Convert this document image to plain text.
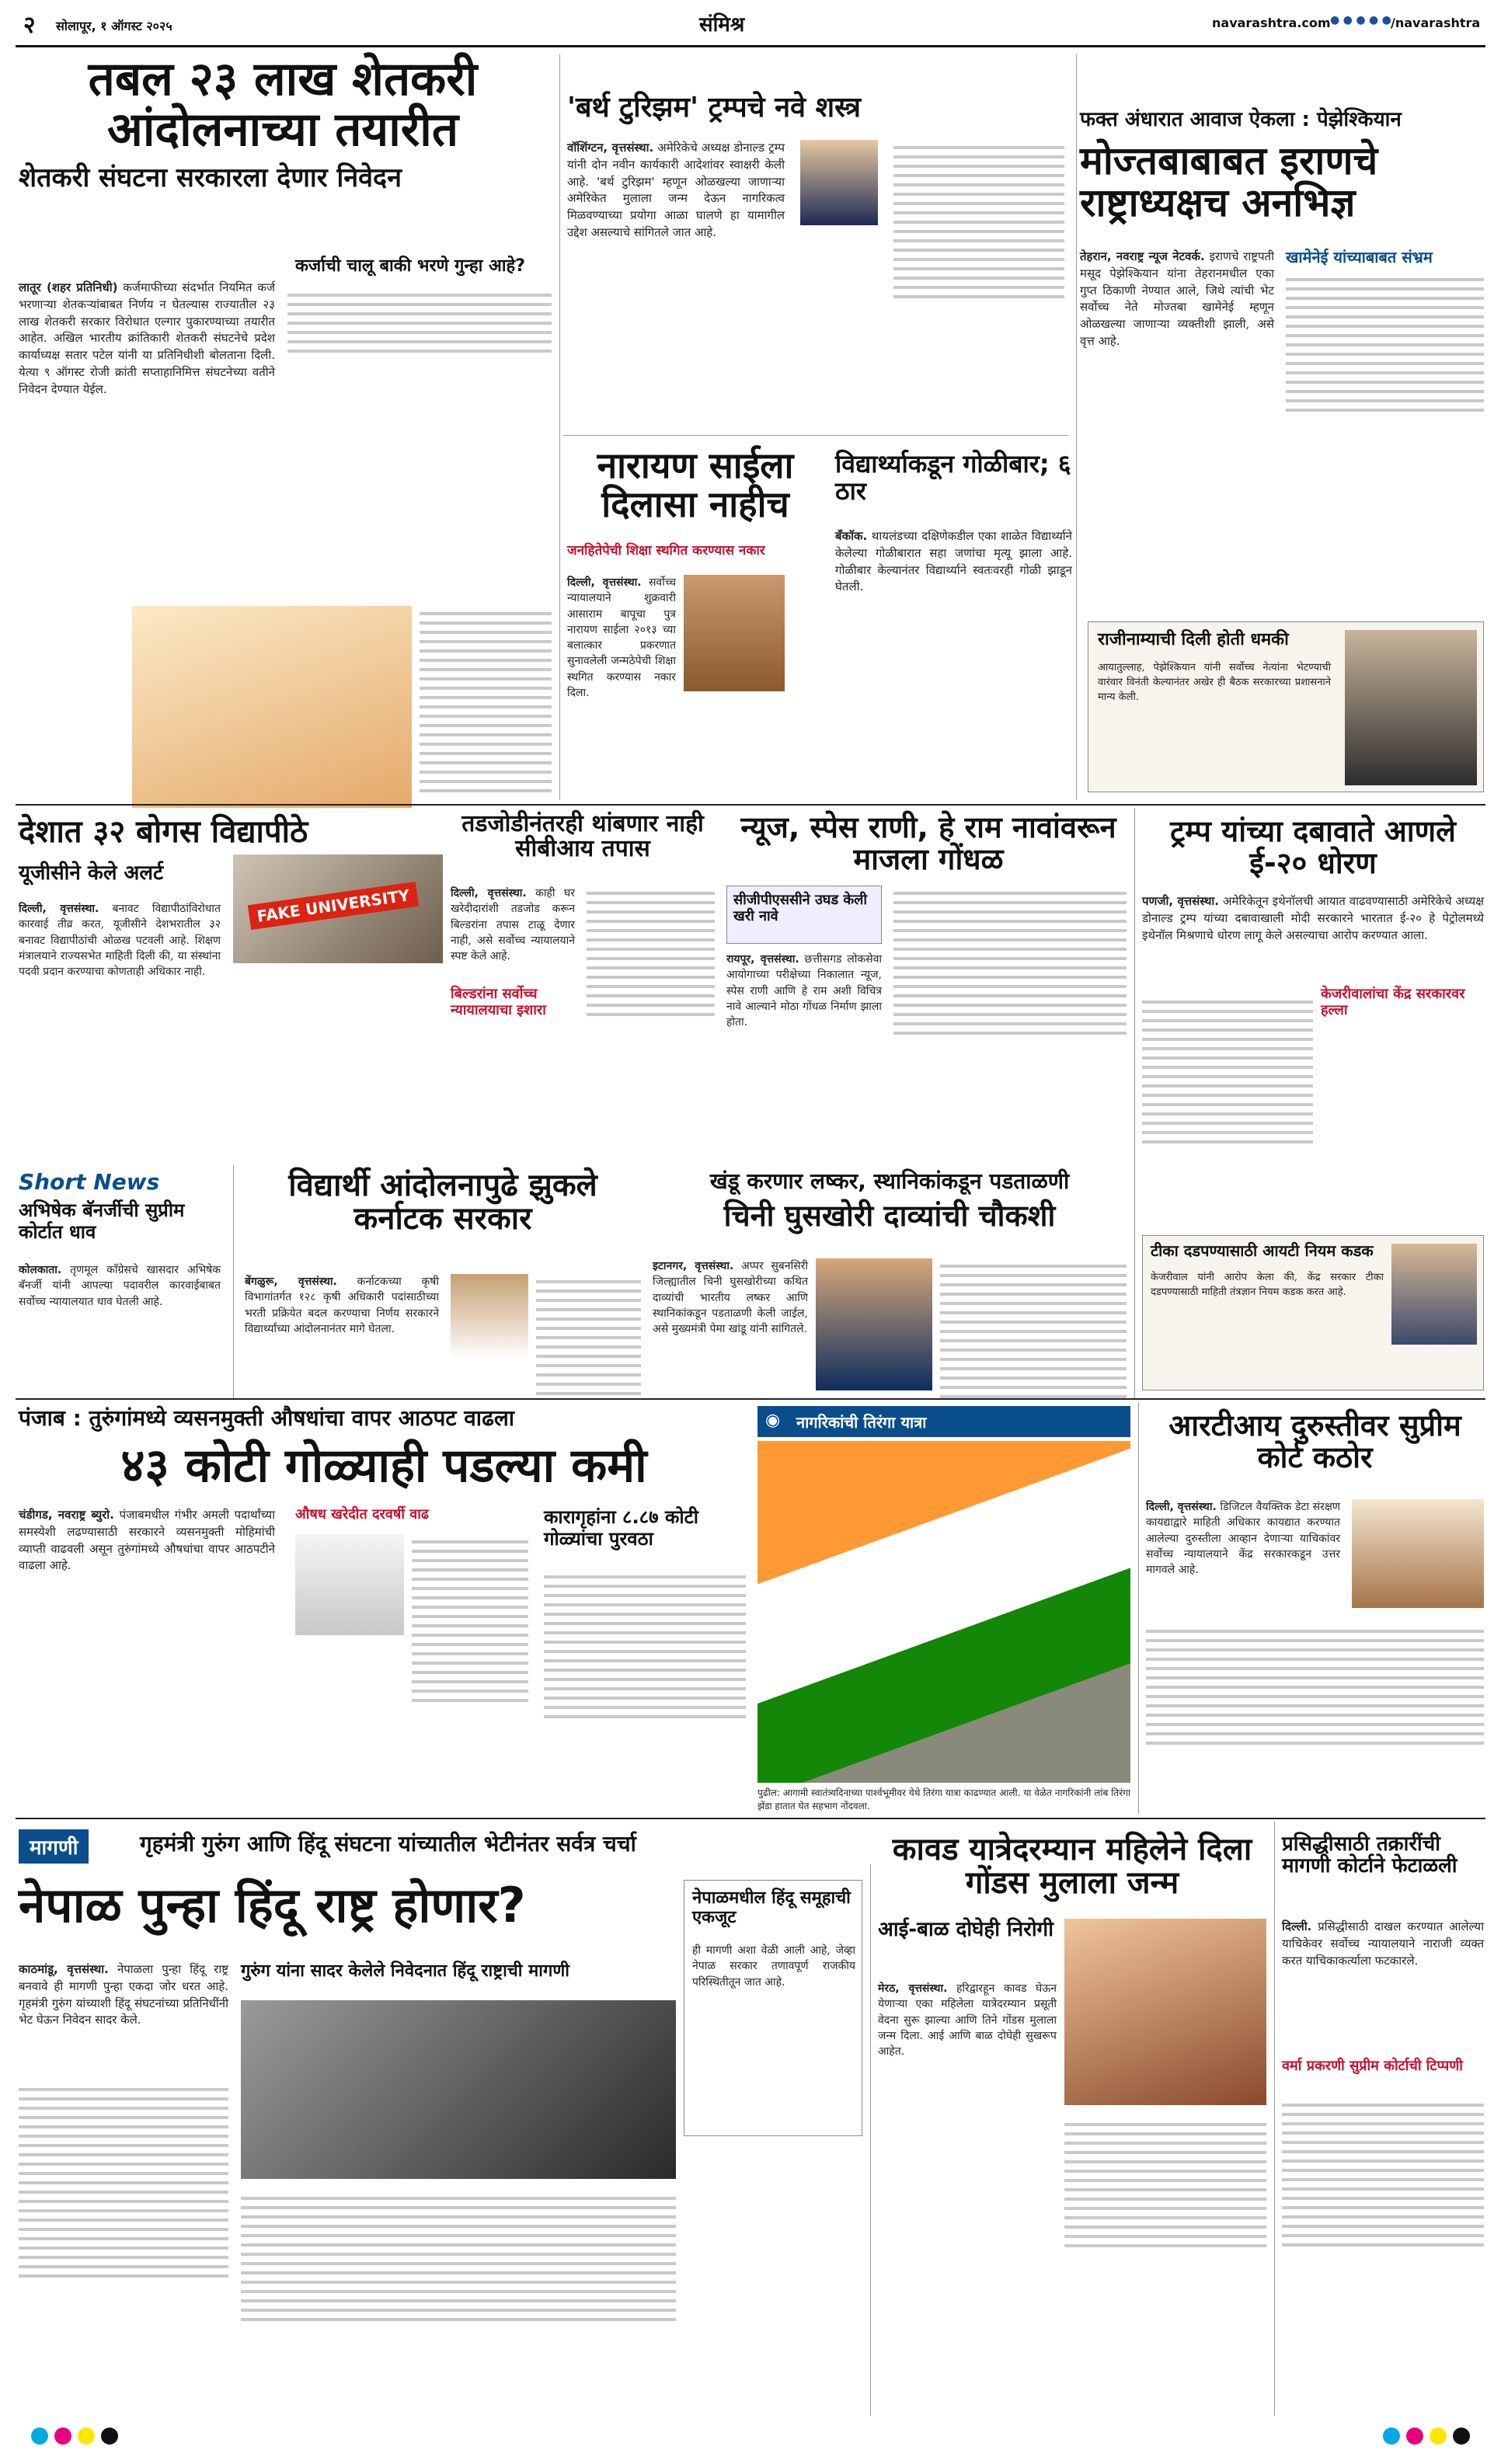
२ सोलापूर, १ ऑगस्ट २०२५	संमिश्र	navarashtra.com ● ● ● ● ● /navarashtra
तबल २३ लाख शेतकरी आंदोलनाच्या तयारीत
शेतकरी संघटना सरकारला देणार निवेदन
कर्जाची चालू बाकी भरणे गुन्हा आहे?
लातूर (शहर प्रतिनिधी) कर्जमाफीच्या संदर्भात नियमित कर्ज भरणाऱ्या शेतकऱ्यांबाबत निर्णय न घेतल्यास राज्यातील २३ लाख शेतकरी सरकार विरोधात एल्गार पुकारण्याच्या तयारीत आहेत. अखिल भारतीय क्रांतिकारी शेतकरी संघटनेचे प्रदेश कार्याध्यक्ष सतार पटेल यांनी या प्रतिनिधीशी बोलताना दिली. येत्या ९ ऑगस्ट रोजी क्रांती सप्ताहानिमित्त संघटनेच्या वतीने निवेदन देण्यात येईल.
'बर्थ टुरिझम' ट्रम्पचे नवे शस्त्र
वॉशिंग्टन, वृत्तसंस्था. अमेरिकेचे अध्यक्ष डोनाल्ड ट्रम्प यांनी दोन नवीन कार्यकारी आदेशांवर स्वाक्षरी केली आहे. 'बर्थ टुरिझम' म्हणून ओळखल्या जाणाऱ्या अमेरिकेत मुलाला जन्म देऊन नागरिकत्व मिळवण्याच्या प्रयोगा आळा घालणे हा यामागील उद्देश असल्याचे सांगितले जात आहे.
फक्त अंधारात आवाज ऐकला : पेझेश्कियान
मोज्तबाबाबत इराणचे राष्ट्राध्यक्षच अनभिज्ञ
तेहरान, नवराष्ट्र न्यूज नेटवर्क. इराणचे राष्ट्रपती मसूद पेझेश्कियान यांना तेहरानमधील एका गुप्त ठिकाणी नेण्यात आले, जिथे त्यांची भेट सर्वोच्च नेते मोज्तबा खामेनेई म्हणून ओळखल्या जाणाऱ्या व्यक्तीशी झाली, असे वृत्त आहे.
खामेनेई यांच्याबाबत संभ्रम
राजीनाम्याची दिली होती धमकी
आयातुल्लाह, पेझेश्कियान यांनी सर्वोच्च नेत्यांना भेटण्याची वारंवार विनंती केल्यानंतर अखेर ही बैठक सरकारच्या प्रशासनाने मान्य केली.
नारायण साईला दिलासा नाहीच
जनहितेपेची शिक्षा स्थगित करण्यास नकार
दिल्ली, वृत्तसंस्था. सर्वोच्च न्यायालयाने शुक्रवारी आसाराम बापूचा पुत्र नारायण साईला २०१३ च्या बलात्कार प्रकरणात सुनावलेली जन्मठेपेची शिक्षा स्थगित करण्यास नकार दिला.
विद्यार्थ्याकडून गोळीबार; ६ ठार
बँकॉक. थायलंडच्या दक्षिणेकडील एका शाळेत विद्यार्थ्याने केलेल्या गोळीबारात सहा जणांचा मृत्यू झाला आहे. गोळीबार केल्यानंतर विद्यार्थ्याने स्वतःवरही गोळी झाडून घेतली.
देशात ३२ बोगस विद्यापीठे
यूजीसीने केले अलर्ट
FAKE UNIVERSITY
दिल्ली, वृत्तसंस्था. बनावट विद्यापीठांविरोधात कारवाई तीव्र करत, यूजीसीने देशभरातील ३२ बनावट विद्यापीठांची ओळख पटवली आहे. शिक्षण मंत्रालयाने राज्यसभेत माहिती दिली की, या संस्थांना पदवी प्रदान करण्याचा कोणताही अधिकार नाही.
तडजोडीनंतरही थांबणार नाही सीबीआय तपास
दिल्ली, वृत्तसंस्था. काही घर खरेदीदारांशी तडजोड करून बिल्डरांना तपास टाळू देणार नाही, असे सर्वोच्च न्यायालयाने स्पष्ट केले आहे.
बिल्डरांना सर्वोच्च न्यायालयाचा इशारा
न्यूज, स्पेस राणी, हे राम नावांवरून माजला गोंधळ
सीजीपीएससीने उघड केली खरी नावे
रायपूर, वृत्तसंस्था. छत्तीसगड लोकसेवा आयोगाच्या परीक्षेच्या निकालात न्यूज, स्पेस राणी आणि हे राम अशी विचित्र नावे आल्याने मोठा गोंधळ निर्माण झाला होता.
ट्रम्प यांच्या दबावाते आणले ई-२० धोरण
पणजी, वृत्तसंस्था. अमेरिकेतून इथेनॉलची आयात वाढवण्यासाठी अमेरिकेचे अध्यक्ष डोनाल्ड ट्रम्प यांच्या दबावाखाली मोदी सरकारने भारतात ई-२० हे पेट्रोलमध्ये इथेनॉल मिश्रणाचे धोरण लागू केले असल्याचा आरोप करण्यात आला.
केजरीवालांचा केंद्र सरकारवर हल्ला
टीका दडपण्यासाठी आयटी नियम कडक
केजरीवाल यांनी आरोप केला की, केंद्र सरकार टीका दडपण्यासाठी माहिती तंत्रज्ञान नियम कडक करत आहे.
Short News
अभिषेक बॅनर्जीची सुप्रीम कोर्टात धाव
कोलकाता. तृणमूल काँग्रेसचे खासदार अभिषेक बॅनर्जी यांनी आपल्या पदावरील कारवाईबाबत सर्वोच्च न्यायालयात धाव घेतली आहे.
विद्यार्थी आंदोलनापुढे झुकले कर्नाटक सरकार
बेंगळुरू, वृत्तसंस्था. कर्नाटकच्या कृषी विभागांतर्गत १२८ कृषी अधिकारी पदांसाठीच्या भरती प्रक्रियेत बदल करण्याचा निर्णय सरकारने विद्यार्थ्यांच्या आंदोलनानंतर मागे घेतला.
खंडू करणार लष्कर, स्थानिकांकडून पडताळणी
चिनी घुसखोरी दाव्यांची चौकशी
इटानगर, वृत्तसंस्था. अप्पर सुबनसिरी जिल्ह्यातील चिनी घुसखोरीच्या कथित दाव्यांची भारतीय लष्कर आणि स्थानिकांकडून पडताळणी केली जाईल, असे मुख्यमंत्री पेमा खांडू यांनी सांगितले.
पंजाब : तुरुंगांमध्ये व्यसनमुक्ती औषधांचा वापर आठपट वाढला
४३ कोटी गोळ्याही पडल्या कमी
चंडीगड, नवराष्ट्र ब्युरो. पंजाबमधील गंभीर अमली पदार्थांच्या समस्येशी लढण्यासाठी सरकारने व्यसनमुक्ती मोहिमांची व्याप्ती वाढवली असून तुरुंगांमध्ये औषधांचा वापर आठपटीने वाढला आहे.
औषध खरेदीत दरवर्षी वाढ	कारागृहांना ८.८७ कोटी गोळ्यांचा पुरवठा
◉ नागरिकांची तिरंगा यात्रा
पुढील: आगामी स्वातंत्र्यदिनाच्या पार्श्वभूमीवर येथे तिरंगा यात्रा काढण्यात आली. या वेळेत नागरिकांनी लांब तिरंगा झेंडा हातात घेत सहभाग नोंदवला.
आरटीआय दुरुस्तीवर सुप्रीम कोर्ट कठोर
दिल्ली, वृत्तसंस्था. डिजिटल वैयक्तिक डेटा संरक्षण कायद्याद्वारे माहिती अधिकार कायद्यात करण्यात आलेल्या दुरुस्तीला आव्हान देणाऱ्या याचिकांवर सर्वोच्च न्यायालयाने केंद्र सरकारकडून उत्तर मागवले आहे.
मागणी	गृहमंत्री गुरुंग आणि हिंदू संघटना यांच्यातील भेटीनंतर सर्वत्र चर्चा
नेपाळ पुन्हा हिंदू राष्ट्र होणार?
गुरुंग यांना सादर केलेले निवेदनात हिंदू राष्ट्राची मागणी
काठमांडू, वृत्तसंस्था. नेपाळला पुन्हा हिंदू राष्ट्र बनवावे ही मागणी पुन्हा एकदा जोर धरत आहे. गृहमंत्री गुरुंग यांच्याशी हिंदू संघटनांच्या प्रतिनिधींनी भेट घेऊन निवेदन सादर केले.
नेपाळमधील हिंदू समूहाची एकजूट
ही मागणी अशा वेळी आली आहे, जेव्हा नेपाळ सरकार तणावपूर्ण राजकीय परिस्थितीतून जात आहे.
कावड यात्रेदरम्यान महिलेने दिला गोंडस मुलाला जन्म
आई-बाळ दोघेही निरोगी
मेरठ, वृत्तसंस्था. हरिद्वारहून कावड घेऊन येणाऱ्या एका महिलेला यात्रेदरम्यान प्रसूती वेदना सुरू झाल्या आणि तिने गोंडस मुलाला जन्म दिला. आई आणि बाळ दोघेही सुखरूप आहेत.
प्रसिद्धीसाठी तक्रारींची मागणी कोर्टाने फेटाळली
दिल्ली. प्रसिद्धीसाठी दाखल करण्यात आलेल्या याचिकेवर सर्वोच्च न्यायालयाने नाराजी व्यक्त करत याचिकाकर्त्याला फटकारले.
वर्मा प्रकरणी सुप्रीम कोर्टाची टिप्पणी
